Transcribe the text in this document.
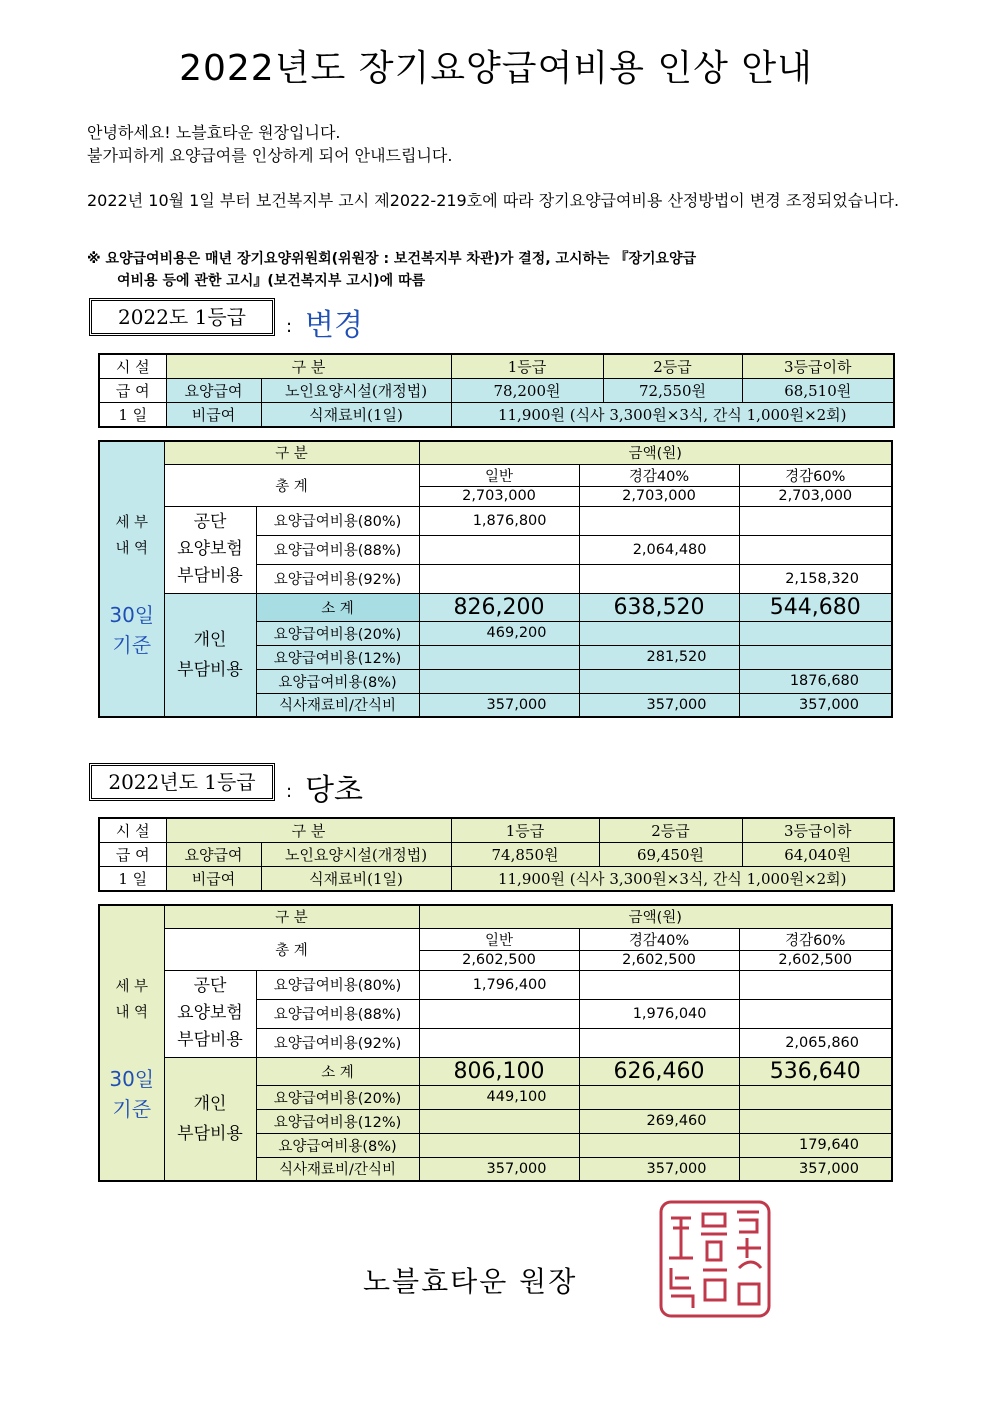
2022년도 장기요양급여비용 인상 안내

안녕하세요! 노블효타운 원장입니다.

불가피하게 요양급여를 인상하게 되어 안내드립니다.

2022년 10월 1일 부터 보건복지부 고시 제2022-219호에 따라 장기요양급여비용 산정방법이 변경 조정되었습니다.

※ 요양급여비용은 매년 장기요양위원회(위원장 : 보건복지부 차관)가 결정, 고시하는 『장기요양급
여비용 등에 관한 고시』(보건복지부 고시)에 따름
2022도 1등급	: 변경
시 설	구 분		1등급	2등급	3등급이하
급 여	요양급여	노인요양시설(개정법)	78,200원	72,550원	68,510원
1 일	비급여	식재료비(1일)	11,900원 (식사 3,300원×3식, 간식 1,000원×2회)		
세 부
내 역
30일
기준	구 분		금액(원)		
	총 계		일반	경감40%	경감60%
			2,703,000	2,703,000	2,703,000

	공단
요양보험
부담비용	요양급여비용(80%)	1,876,800		
		요양급여비용(88%)		2,064,480	
		요양급여비용(92%)			2,158,320

	개인
부담비용	소 계	826,200	638,520	544,680
		요양급여비용(20%)	469,200		
		요양급여비용(12%)		281,520	
		요양급여비용(8%)			1876,680
		식사재료비/간식비	357,000	357,000	357,000
2022년도 1등급	: 당초
시 설	구 분		1등급	2등급	3등급이하
급 여	요양급여	노인요양시설(개정법)	74,850원	69,450원	64,040원
1 일	비급여	식재료비(1일)	11,900원 (식사 3,300원×3식, 간식 1,000원×2회)		
세 부
내 역
30일
기준	구 분		금액(원)		
	총 계		일반	경감40%	경감60%
			2,602,500	2,602,500	2,602,500

	공단
요양보험
부담비용	요양급여비용(80%)	1,796,400		
		요양급여비용(88%)		1,976,040	
		요양급여비용(92%)			2,065,860

	개인
부담비용	소 계	806,100	626,460	536,640
		요양급여비용(20%)	449,100		
		요양급여비용(12%)		269,460	
		요양급여비용(8%)			179,640
		식사재료비/간식비	357,000	357,000	357,000
노블효타운 원장
